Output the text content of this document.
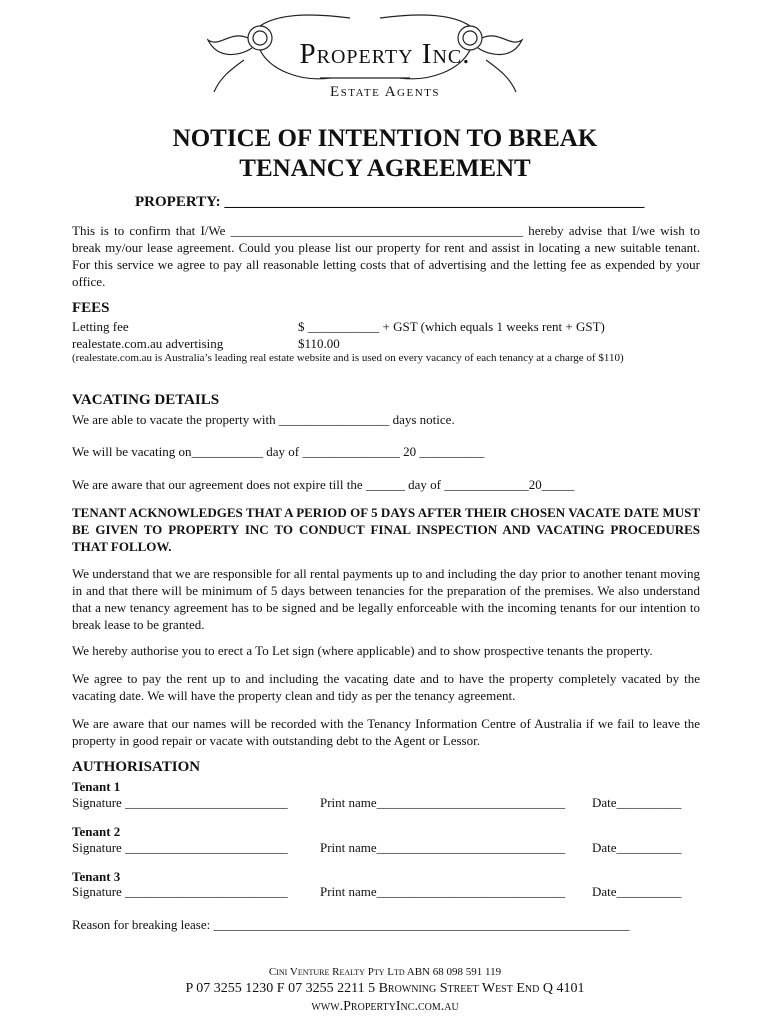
Property Inc.
Estate Agents
NOTICE OF INTENTION TO BREAK
TENANCY AGREEMENT
PROPERTY: ________________________________________________________
This is to confirm that I/We _____________________________________________ hereby advise that I/we wish to break my/our lease agreement. Could you please list our property for rent and assist in locating a new suitable tenant. For this service we agree to pay all reasonable letting costs that of advertising and the letting fee as expended by your office.
FEES
Letting fee	$ ___________ + GST (which equals 1 weeks rent + GST)
realestate.com.au advertising	$110.00
(realestate.com.au is Australia’s leading real estate website and is used on every vacancy of each tenancy at a charge of $110)
VACATING DETAILS
We are able to vacate the property with _________________ days notice.
We will be vacating on___________ day of _______________ 20 __________
We are aware that our agreement does not expire till the ______ day of _____________20_____
TENANT ACKNOWLEDGES THAT A PERIOD OF 5 DAYS AFTER THEIR CHOSEN VACATE DATE MUST BE GIVEN TO PROPERTY INC TO CONDUCT FINAL INSPECTION AND VACATING PROCEDURES THAT FOLLOW.
We understand that we are responsible for all rental payments up to and including the day prior to another tenant moving in and that there will be minimum of 5 days between tenancies for the preparation of the premises. We also understand that a new tenancy agreement has to be signed and be legally enforceable with the incoming tenants for our intention to break lease to be granted.
We hereby authorise you to erect a To Let sign (where applicable) and to show prospective tenants the property.
We agree to pay the rent up to and including the vacating date and to have the property completely vacated by the vacating date. We will have the property clean and tidy as per the tenancy agreement.
We are aware that our names will be recorded with the Tenancy Information Centre of Australia if we fail to leave the property in good repair or vacate with outstanding debt to the Agent or Lessor.
AUTHORISATION
Tenant 1
Signature _________________________ Print name_____________________________ Date__________
Tenant 2
Signature _________________________ Print name_____________________________ Date__________
Tenant 3
Signature _________________________ Print name_____________________________ Date__________
Reason for breaking lease: ________________________________________________________________
Cini Venture Realty Pty Ltd ABN 68 098 591 119
P 07 3255 1230 F 07 3255 2211 5 Browning Street West End Q 4101
www.PropertyInc.com.au
